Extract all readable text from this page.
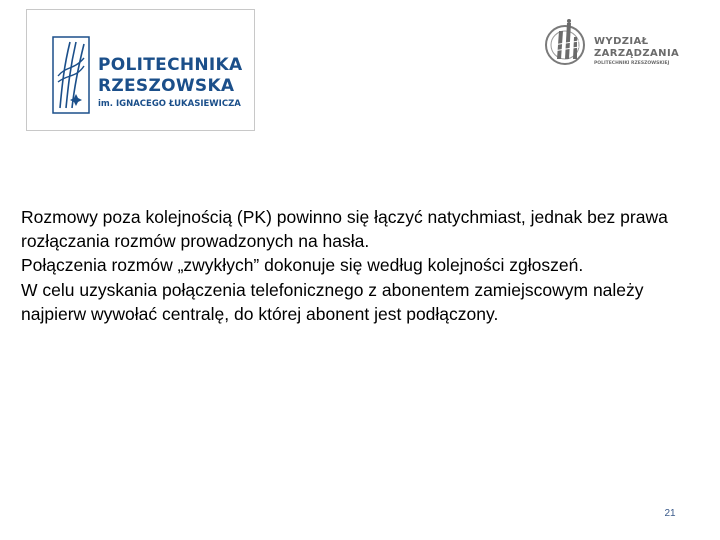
POLITECHNIKA
RZESZOWSKA
im. IGNACEGO ŁUKASIEWICZA
WYDZIAŁ
ZARZĄDZANIA
POLITECHNIKI RZESZOWSKIEJ

Rozmowy poza kolejnością (PK) powinno się łączyć natychmiast, jednak bez prawa rozłączania rozmów prowadzonych na hasła.

Połączenia rozmów „zwykłych” dokonuje się według kolejności zgłoszeń.

W celu uzyskania połączenia telefonicznego z abonentem zamiejscowym należy najpierw wywołać centralę, do której abonent jest podłączony.

21
